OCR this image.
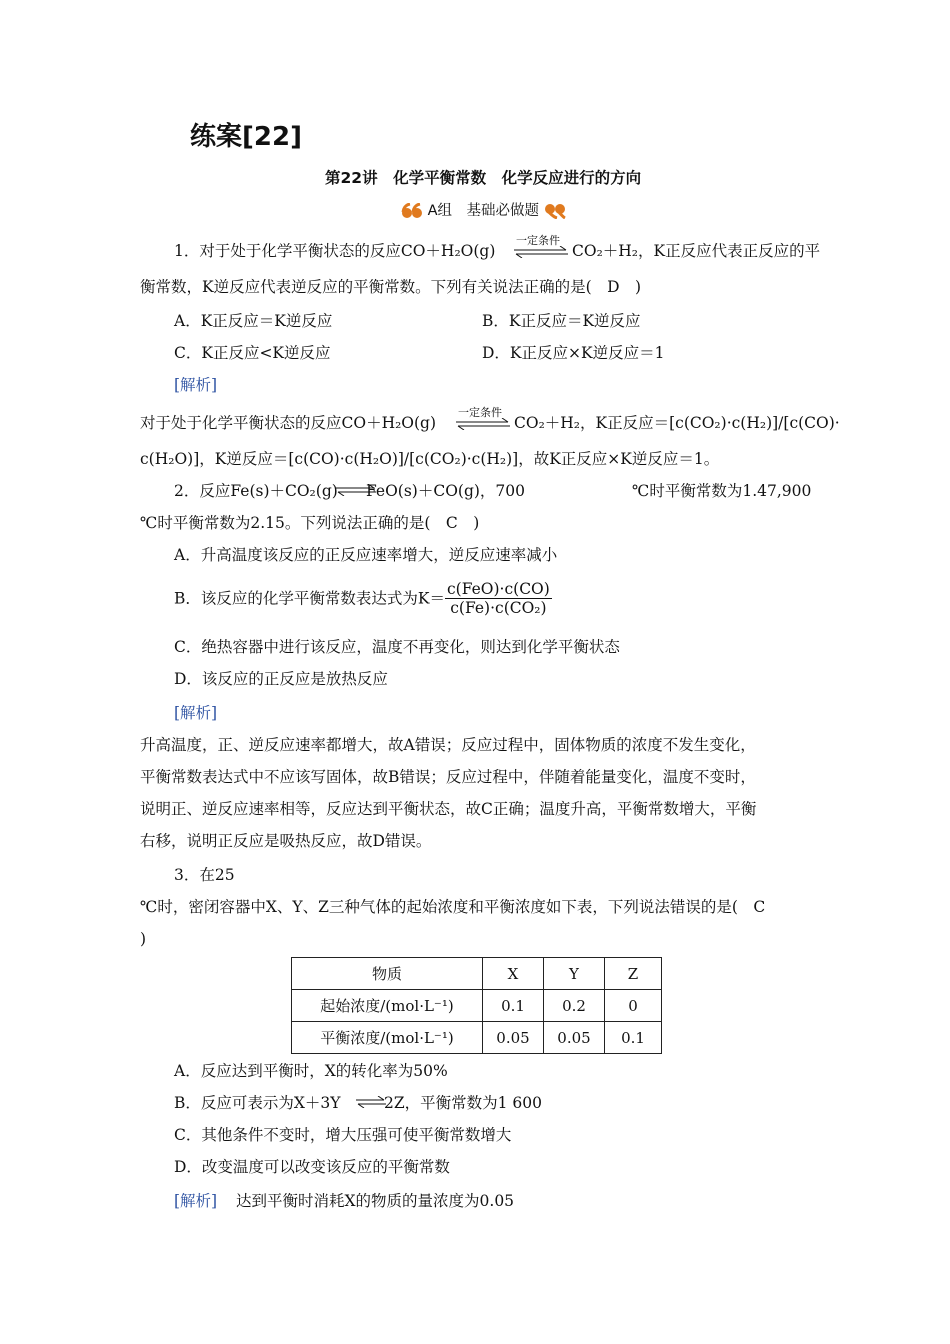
练案[22]
第22讲　化学平衡常数　化学反应进行的方向
A组　基础必做题
1．对于处于化学平衡状态的反应CO＋H₂O(g)
一定条件
⇌ CO₂＋H₂，K正反应代表正反应的平
衡常数，K逆反应代表逆反应的平衡常数。下列有关说法正确的是(　D　)
A．K正反应＝K逆反应	B．K正反应＝K逆反应
C．K正反应<K逆反应	D．K正反应×K逆反应＝1
[解析]
对于处于化学平衡状态的反应CO＋H₂O(g)
一定条件
⇌ CO₂＋H₂，K正反应＝[c(CO₂)·c(H₂)]/[c(CO)·
c(H₂O)]，K逆反应＝[c(CO)·c(H₂O)]/[c(CO₂)·c(H₂)]，故K正反应×K逆反应＝1。
2．反应Fe(s)＋CO₂(g) FeO(s)＋CO(g)，700	℃时平衡常数为1.47,900
℃时平衡常数为2.15。下列说法正确的是(　C　)
A．升高温度该反应的正反应速率增大，逆反应速率减小
B．该反应的化学平衡常数表达式为$K= \frac{\text{c(FeO)·c(CO)}}{\text{c(Fe)·c(CO₂)}}$
C．绝热容器中进行该反应，温度不再变化，则达到化学平衡状态
D．该反应的正反应是放热反应
[解析]
升高温度，正、逆反应速率都增大，故A错误；反应过程中，固体物质的浓度不发生变化，
平衡常数表达式中不应该写固体，故B错误；反应过程中，伴随着能量变化，温度不变时，
说明正、逆反应速率相等，反应达到平衡状态，故C正确；温度升高，平衡常数增大，平衡
右移，说明正反应是吸热反应，故D错误。
3．在25
℃时，密闭容器中X、Y、Z三种气体的起始浓度和平衡浓度如下表，下列说法错误的是(　C
)
物质	X	Y	Z
起始浓度/(mol·L⁻¹)	0.1	0.2	0
平衡浓度/(mol·L⁻¹)	0.05	0.05	0.1
A．反应达到平衡时，X的转化率为50%
B．反应可表示为X＋3Y ⇌
2Z，平衡常数为1 600
C．其他条件不变时，增大压强可使平衡常数增大
D．改变温度可以改变该反应的平衡常数
[解析] 达到平衡时消耗X的物质的量浓度为0.05
